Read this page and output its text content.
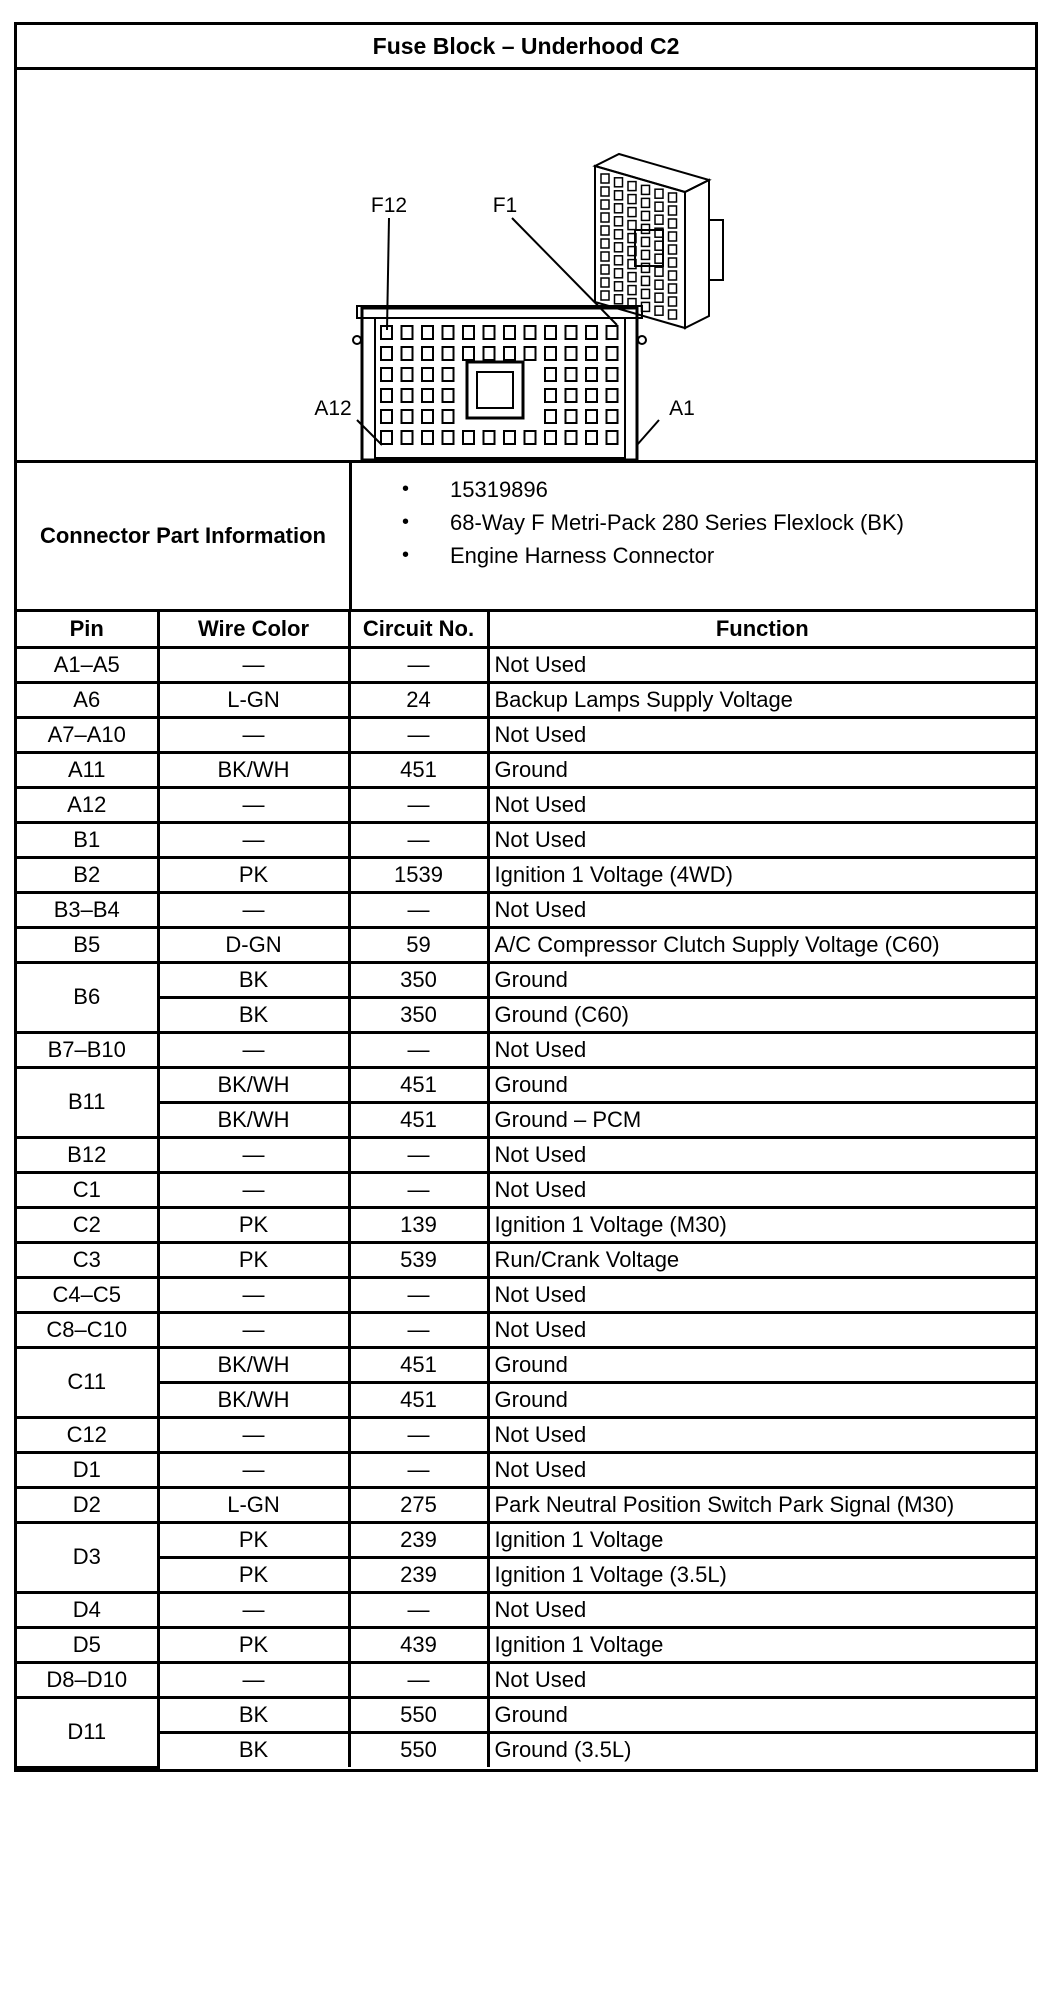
Fuse Block – Underhood C2
F12	F1
A12	A1
Connector Part Information
• 15319896
• 68-Way F Metri-Pack 280 Series Flexlock (BK)
• Engine Harness Connector
Pin	Wire Color	Circuit No.	Function
A1–A5	—	—	Not Used
A6	L-GN	24	Backup Lamps Supply Voltage
A7–A10	—	—	Not Used
A11	BK/WH	451	Ground
A12	—	—	Not Used
B1	—	—	Not Used
B2	PK	1539	Ignition 1 Voltage (4WD)
B3–B4	—	—	Not Used
B5	D-GN	59	A/C Compressor Clutch Supply Voltage (C60)
B6	BK	350	Ground
	BK	350	Ground (C60)
B7–B10	—	—	Not Used
B11	BK/WH	451	Ground
	BK/WH	451	Ground – PCM
B12	—	—	Not Used
C1	—	—	Not Used
C2	PK	139	Ignition 1 Voltage (M30)
C3	PK	539	Run/Crank Voltage
C4–C5	—	—	Not Used
C8–C10	—	—	Not Used
C11	BK/WH	451	Ground
	BK/WH	451	Ground
C12	—	—	Not Used
D1	—	—	Not Used
D2	L-GN	275	Park Neutral Position Switch Park Signal (M30)
D3	PK	239	Ignition 1 Voltage
	PK	239	Ignition 1 Voltage (3.5L)
D4	—	—	Not Used
D5	PK	439	Ignition 1 Voltage
D8–D10	—	—	Not Used
D11	BK	550	Ground
	BK	550	Ground (3.5L)
